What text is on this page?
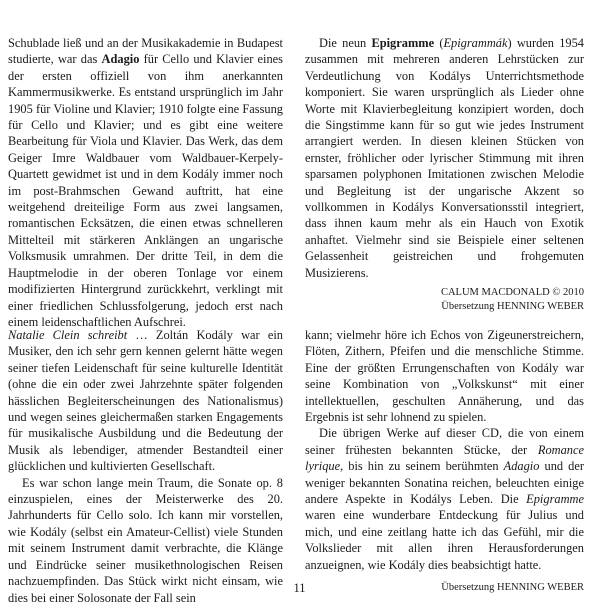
Schublade ließ und an der Musikakademie in Budapest studierte, war das Adagio für Cello und Klavier eines der ersten offiziell von ihm anerkannten Kammermusikwerke. Es entstand ursprünglich im Jahr 1905 für Violine und Klavier; 1910 folgte eine Fassung für Cello und Klavier; und es gibt eine weitere Bearbeitung für Viola und Klavier. Das Werk, das dem Geiger Imre Waldbauer vom Waldbauer-Kerpely-Quartett gewidmet ist und in dem Kodály immer noch im post-Brahmschen Gewand auftritt, hat eine weitgehend dreiteilige Form aus zwei langsamen, romantischen Ecksätzen, die einen etwas schnelleren Mittelteil mit stärkeren Anklängen an ungarische Volksmusik umrahmen. Der dritte Teil, in dem die Hauptmelodie in der oberen Tonlage vor einem modifizierten Hintergrund zurückkehrt, verklingt mit einer friedlichen Schlussfolgerung, jedoch erst nach einem leidenschaftlichen Aufschrei.

Die neun Epigramme (Epigrammák) wurden 1954 zusammen mit mehreren anderen Lehrstücken zur Verdeutlichung von Kodálys Unterrichtsmethode komponiert. Sie waren ursprünglich als Lieder ohne Worte mit Klavierbegleitung konzipiert worden, doch die Singstimme kann für so gut wie jedes Instrument arrangiert werden. In diesen kleinen Stücken von ernster, fröhlicher oder lyrischer Stimmung mit ihren sparsamen polyphonen Imitationen zwischen Melodie und Begleitung ist der ungarische Akzent so vollkommen in Kodálys Konversationsstil integriert, dass ihnen kaum mehr als ein Hauch von Exotik anhaftet. Vielmehr sind sie Beispiele einer seltenen Gelassenheit geistreichen und frohgemuten Musizierens.

CALUM MACDONALD © 2010
Übersetzung HENNING WEBER

Natalie Clein schreibt … Zoltán Kodály war ein Musiker, den ich sehr gern kennen gelernt hätte wegen seiner tiefen Leidenschaft für seine kulturelle Identität (ohne die ein oder zwei Jahrzehnte später folgenden hässlichen Begleiterscheinungen des Nationalismus) und wegen seines gleichermaßen starken Engagements für musikalische Ausbildung und die Bedeutung der Musik als lebendiger, atmender Bestandteil einer glücklichen und kultivierten Gesellschaft.

Es war schon lange mein Traum, die Sonate op. 8 einzuspielen, eines der Meisterwerke des 20. Jahrhunderts für Cello solo. Ich kann mir vorstellen, wie Kodály (selbst ein Amateur-Cellist) viele Stunden mit seinem Instrument damit verbrachte, die Klänge und Eindrücke seiner musikethnologischen Reisen nachzuempfinden. Das Stück wirkt nicht einsam, wie dies bei einer Solosonate der Fall sein

kann; vielmehr höre ich Echos von Zigeunerstreichern, Flöten, Zithern, Pfeifen und die menschliche Stimme. Eine der größten Errungenschaften von Kodály war seine Kombination von „Volkskunst“ mit einer intellektuellen, geschulten Annäherung, und das Ergebnis ist sehr lohnend zu spielen.

Die übrigen Werke auf dieser CD, die von einem seiner frühesten bekannten Stücke, der Romance lyrique, bis hin zu seinem berühmten Adagio und der weniger bekannten Sonatina reichen, beleuchten einige andere Aspekte in Kodálys Leben. Die Epigramme waren eine wunderbare Entdeckung für Julius und mich, und eine zeitlang hatte ich das Gefühl, mir die Volkslieder mit allen ihren Herausforderungen anzueignen, wie Kodály dies beabsichtigt hatte.

Übersetzung HENNING WEBER
11
